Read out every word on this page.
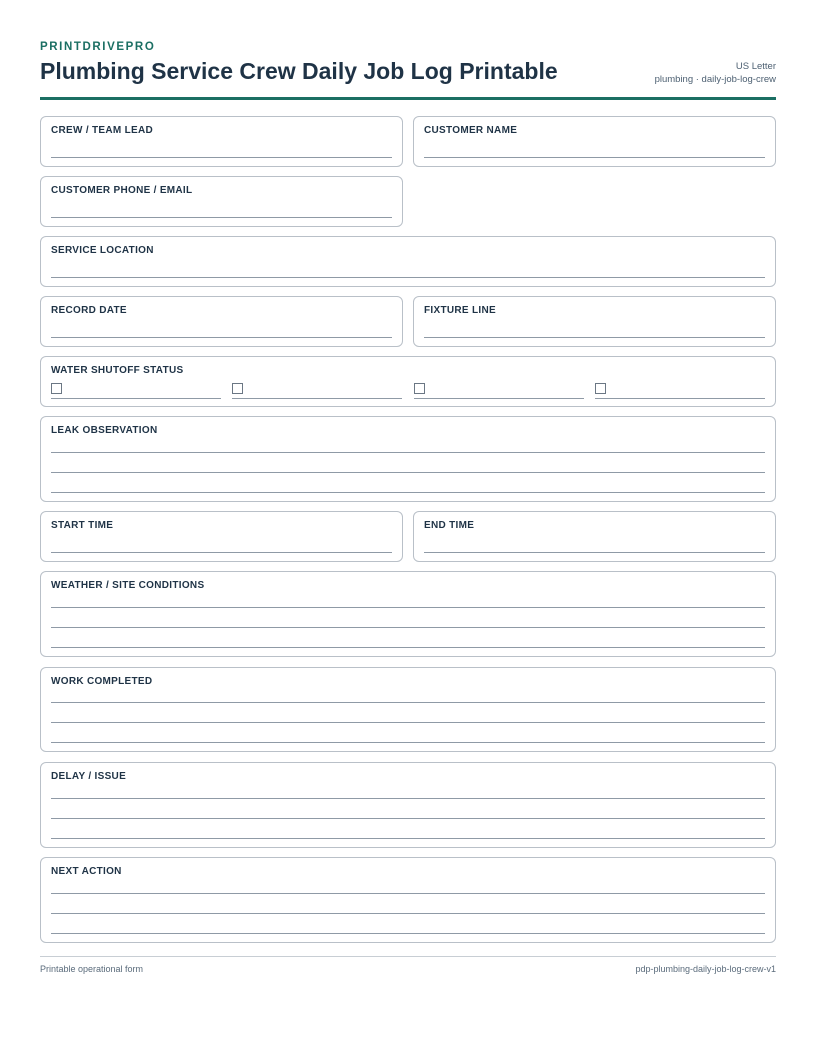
PRINTDRIVEPRO
Plumbing Service Crew Daily Job Log Printable	US Letter
plumbing · daily-job-log-crew
CREW / TEAM LEAD	CUSTOMER NAME
CUSTOMER PHONE / EMAIL
SERVICE LOCATION
RECORD DATE	FIXTURE LINE
WATER SHUTOFF STATUS
LEAK OBSERVATION
START TIME	END TIME
WEATHER / SITE CONDITIONS
WORK COMPLETED
DELAY / ISSUE
NEXT ACTION
Printable operational form	pdp-plumbing-daily-job-log-crew-v1
